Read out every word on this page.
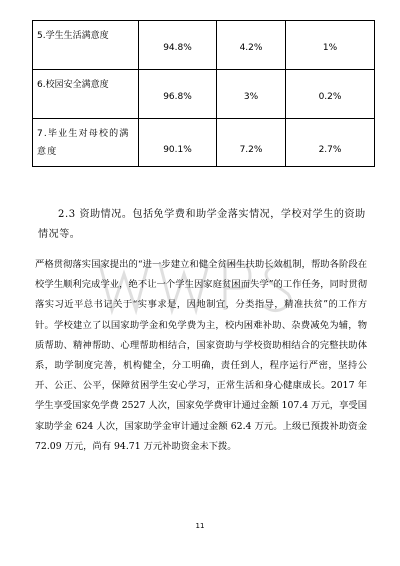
5.学生生活满意度	94.8%	4.2%	1%

6.校园安全满意度	96.8%	3%	0.2%

7.毕业生对母校的满意度	90.1%	7.2%	2.7%
2.3 资助情况。包括免学费和助学金落实情况，学校对学生的资助情况等。
严格贯彻落实国家提出的“进一步建立和健全贫困生扶助长效机制，帮助各阶段在校学生顺利完成学业，绝不让一个学生因家庭贫困而失学”的工作任务，同时贯彻落实习近平总书记关于“实事求是，因地制宜，分类指导，精准扶贫”的工作方针。学校建立了以国家助学金和免学费为主，校内困难补助、杂费减免为辅，物质帮助、精神帮助、心理帮助相结合，国家资助与学校资助相结合的完整扶助体系，助学制度完善，机构健全，分工明确，责任到人，程序运行严密，坚持公开、公正、公平，保障贫困学生安心学习，正常生活和身心健康成长。2017 年学生享受国家免学费 2527 人次，国家免学费审计通过金额 107.4 万元，享受国家助学金 624 人次，国家助学金审计通过金额 62.4 万元。上级已预拨补助资金 72.09 万元，尚有 94.71 万元补助资金未下拨。
11
